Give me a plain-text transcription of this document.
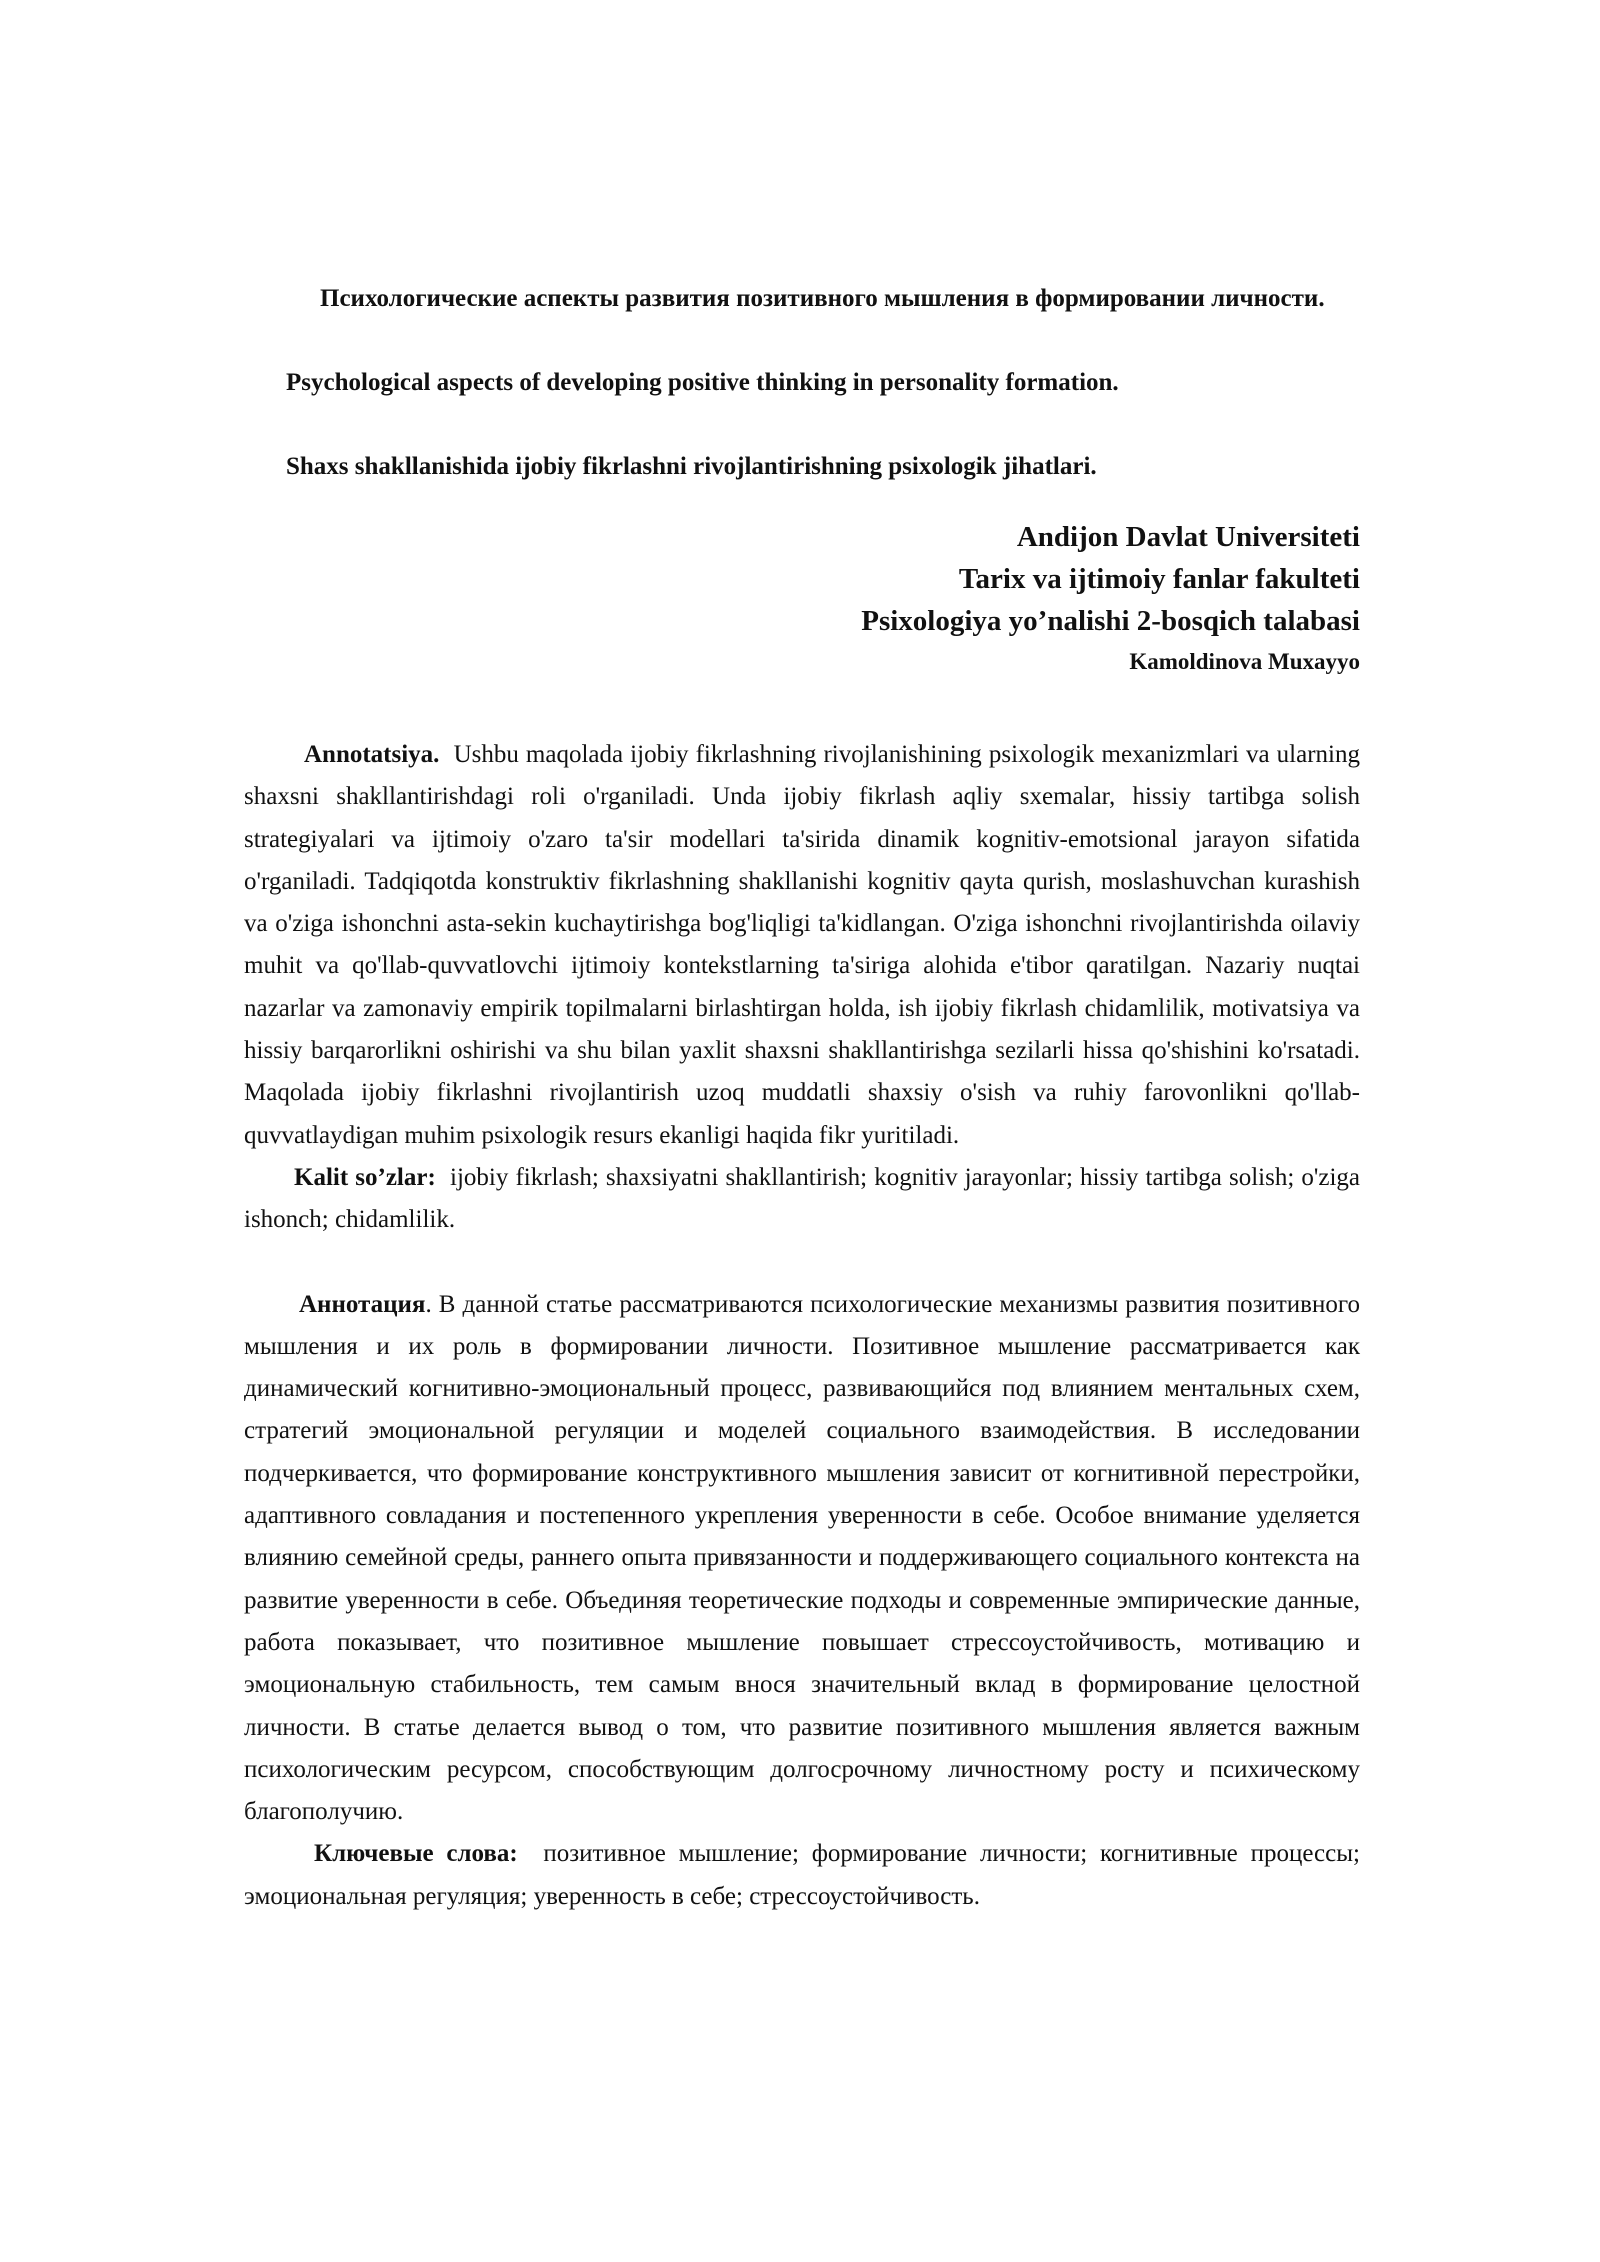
Психологические аспекты развития позитивного мышления в формировании личности.

Psychological aspects of developing positive thinking in personality formation.

Shaxs shakllanishida ijobiy fikrlashni rivojlantirishning psixologik jihatlari.

Andijon Davlat Universiteti
Tarix va ijtimoiy fanlar fakulteti
Psixologiya yo’nalishi 2-bosqich talabasi
Kamoldinova Muxayyo

Annotatsiya. Ushbu maqolada ijobiy fikrlashning rivojlanishining psixologik mexanizmlari va ularning shaxsni shakllantirishdagi roli o'rganiladi. Unda ijobiy fikrlash aqliy sxemalar, hissiy tartibga solish strategiyalari va ijtimoiy o'zaro ta'sir modellari ta'sirida dinamik kognitiv-emotsional jarayon sifatida o'rganiladi. Tadqiqotda konstruktiv fikrlashning shakllanishi kognitiv qayta qurish, moslashuvchan kurashish va o'ziga ishonchni asta-sekin kuchaytirishga bog'liqligi ta'kidlangan. O'ziga ishonchni rivojlantirishda oilaviy muhit va qo'llab-quvvatlovchi ijtimoiy kontekstlarning ta'siriga alohida e'tibor qaratilgan. Nazariy nuqtai nazarlar va zamonaviy empirik topilmalarni birlashtirgan holda, ish ijobiy fikrlash chidamlilik, motivatsiya va hissiy barqarorlikni oshirishi va shu bilan yaxlit shaxsni shakllantirishga sezilarli hissa qo'shishini ko'rsatadi. Maqolada ijobiy fikrlashni rivojlantirish uzoq muddatli shaxsiy o'sish va ruhiy farovonlikni qo'llab-quvvatlaydigan muhim psixologik resurs ekanligi haqida fikr yuritiladi.

Kalit so’zlar: ijobiy fikrlash; shaxsiyatni shakllantirish; kognitiv jarayonlar; hissiy tartibga solish; o'ziga ishonch; chidamlilik.

Аннотация. В данной статье рассматриваются психологические механизмы развития позитивного мышления и их роль в формировании личности. Позитивное мышление рассматривается как динамический когнитивно-эмоциональный процесс, развивающийся под влиянием ментальных схем, стратегий эмоциональной регуляции и моделей социального взаимодействия. В исследовании подчеркивается, что формирование конструктивного мышления зависит от когнитивной перестройки, адаптивного совладания и постепенного укрепления уверенности в себе. Особое внимание уделяется влиянию семейной среды, раннего опыта привязанности и поддерживающего социального контекста на развитие уверенности в себе. Объединяя теоретические подходы и современные эмпирические данные, работа показывает, что позитивное мышление повышает стрессоустойчивость, мотивацию и эмоциональную стабильность, тем самым внося значительный вклад в формирование целостной личности. В статье делается вывод о том, что развитие позитивного мышления является важным психологическим ресурсом, способствующим долгосрочному личностному росту и психическому благополучию.

Ключевые слова: позитивное мышление; формирование личности; когнитивные процессы; эмоциональная регуляция; уверенность в себе; стрессоустойчивость.
